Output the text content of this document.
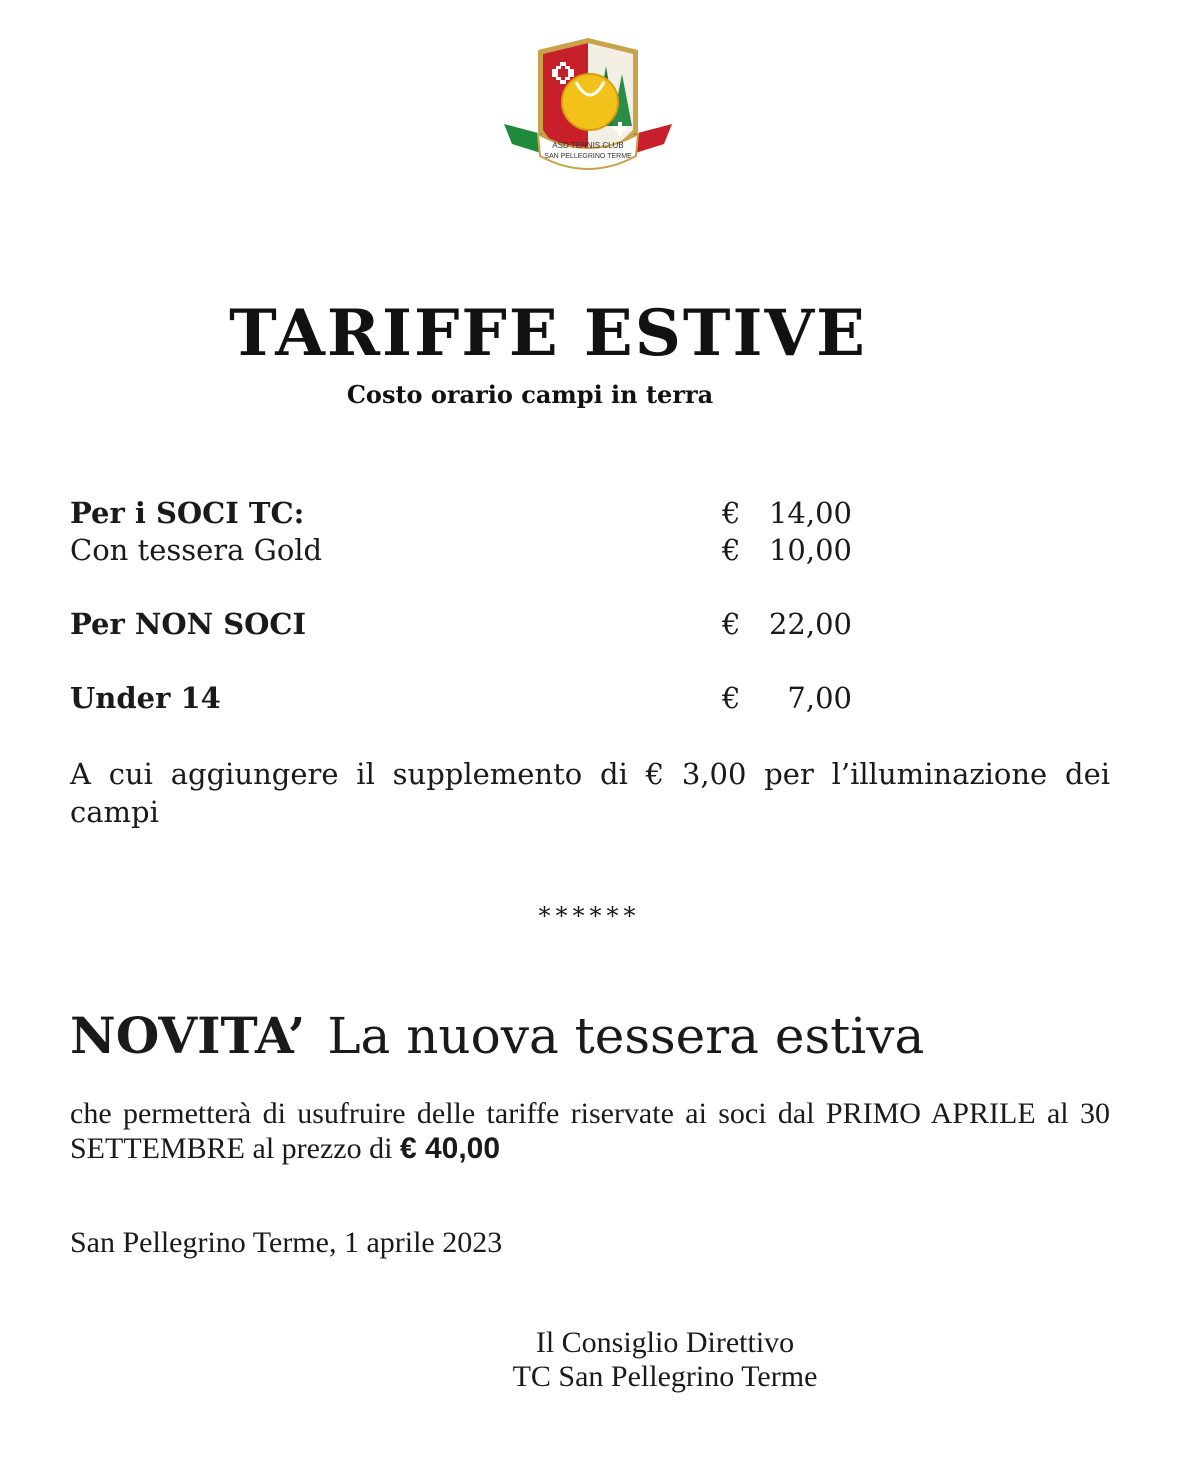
ASD TENNIS CLUB
SAN PELLEGRINO TERME
TARIFFE ESTIVE
Costo orario campi in terra
Per i SOCI TC:	€ 14,00
Con tessera Gold	€ 10,00
Per NON SOCI	€ 22,00
Under 14	€ 7,00
A cui aggiungere il supplemento di € 3,00 per l’illuminazione dei campi
******
NOVITA’ La nuova tessera estiva
che permetterà di usufruire delle tariffe riservate ai soci dal PRIMO APRILE al 30 SETTEMBRE al prezzo di € 40,00
San Pellegrino Terme, 1 aprile 2023
Il Consiglio Direttivo
TC San Pellegrino Terme
